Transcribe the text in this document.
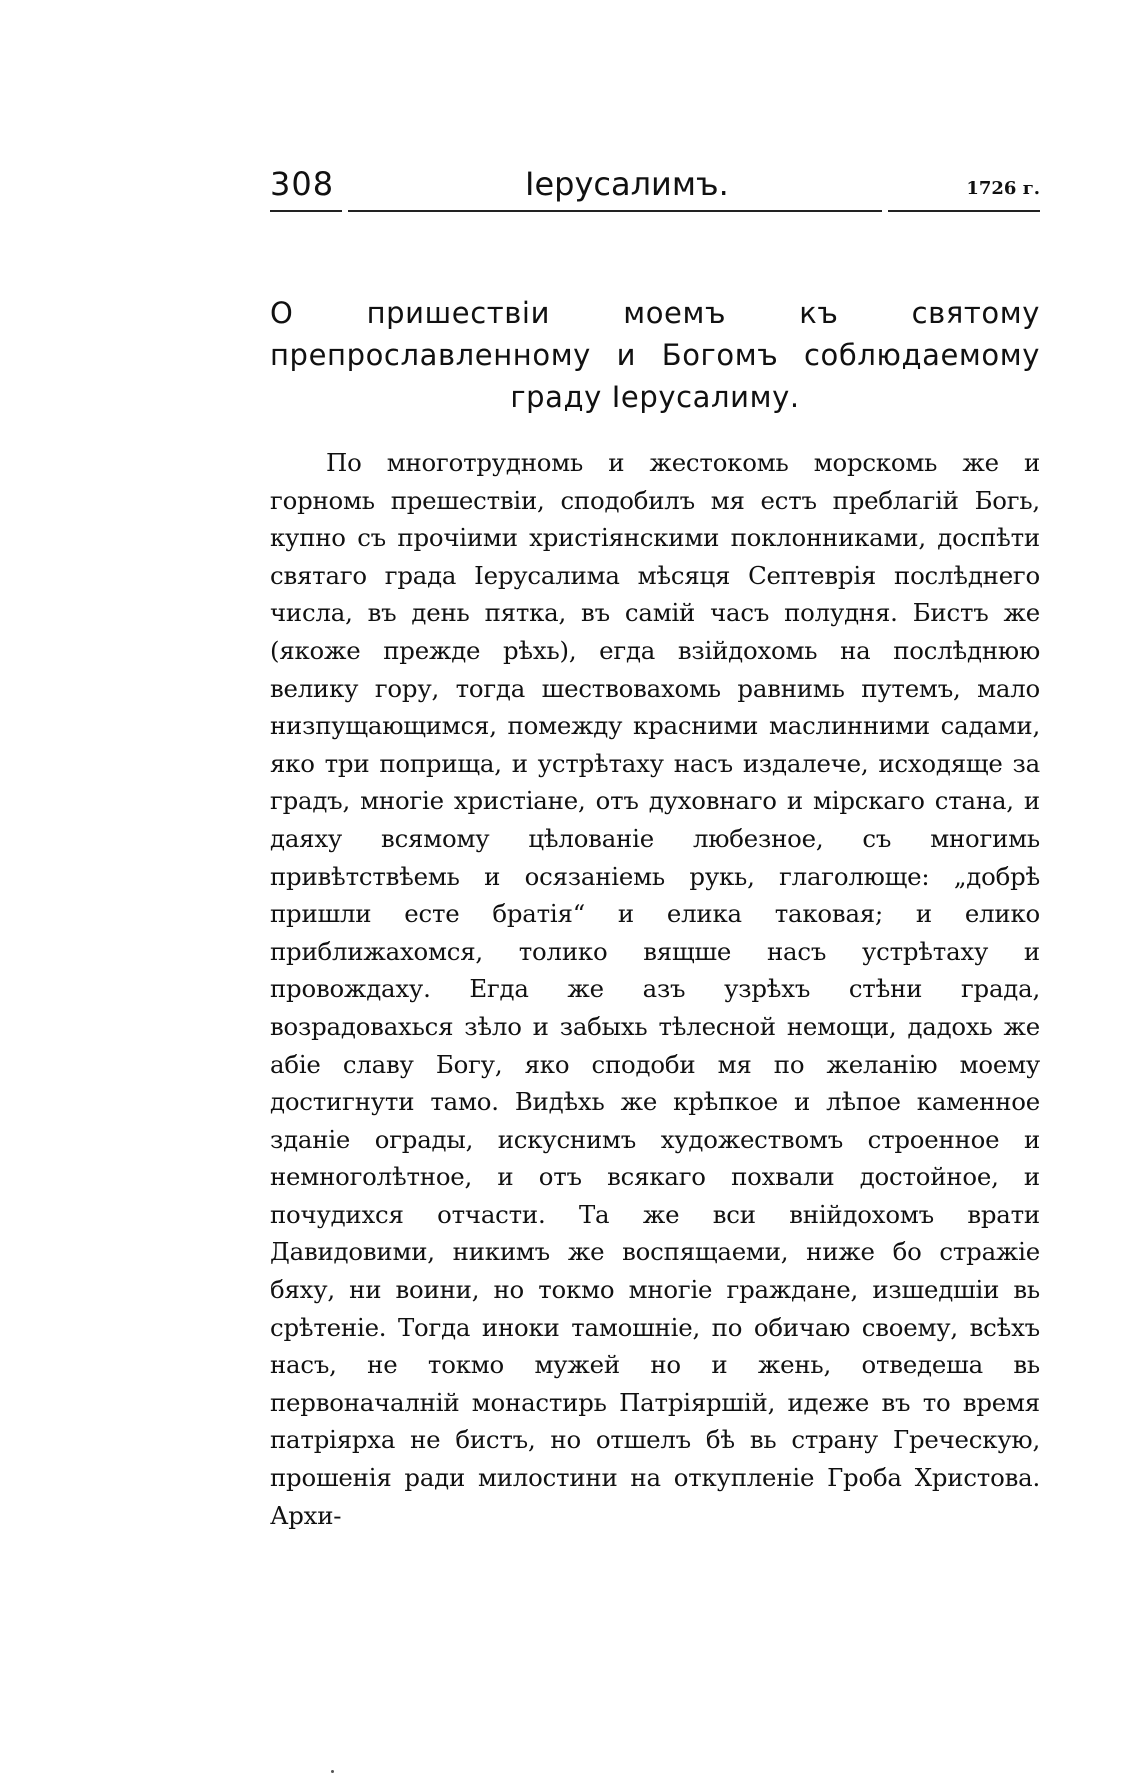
308	Іерусалимъ.	1726 г.
О пришествіи моемъ къ святому препрославленному и Богомъ соблюдаемому граду Іерусалиму.

По многотрудномь и жестокомь морскомь же и горномь прешествіи, сподобилъ мя естъ преблагій Богь, купно съ прочіими христіянскими поклонниками, доспѣти святаго града Іерусалима мѣсяця Септеврія послѣднего числа, въ день пятка, въ самій часъ полудня. Бистъ же (якоже прежде рѣхь), егда взійдохомь на послѣднюю велику гору, тогда шествовахомь равнимь путемъ, мало низпущающимся, помежду красними маслинними садами, яко три поприща, и устрѣтаху насъ издалече, исходяще за градъ, многіе христіане, отъ духовнаго и мірскаго стана, и даяху всямому цѣлованіе любезное, съ многимь привѣтствѣемь и осязаніемь рукь, глаголюще: „добрѣ пришли есте братія“ и елика таковая; и елико приближахомся, толико вящше насъ устрѣтаху и провождаху. Егда же азъ узрѣхъ стѣни града, возрадовахься зѣло и забыхь тѣлесной немощи, дадохь же абіе славу Богу, яко сподоби мя по желанію моему достигнути тамо. Видѣхь же крѣпкое и лѣпое каменное зданіе ограды, искуснимъ художествомъ строенное и немноголѣтное, и отъ всякаго похвали достойное, и почудихся отчасти. Та же вси внійдохомъ врати Давидовими, никимъ же воспящаеми, ниже бо стражіе бяху, ни воини, но токмо многіе граждане, изшедшіи вь срѣтеніе. Тогда иноки тамошніе, по обичаю своему, всѣхъ насъ, не токмо мужей но и жень, отведеша вь первоначалній монастирь Патріяршій, идеже въ то время патріярха не бистъ, но отшелъ бѣ вь страну Греческую, прошенія ради милостини на откупленіе Гроба Христова. Архи-
